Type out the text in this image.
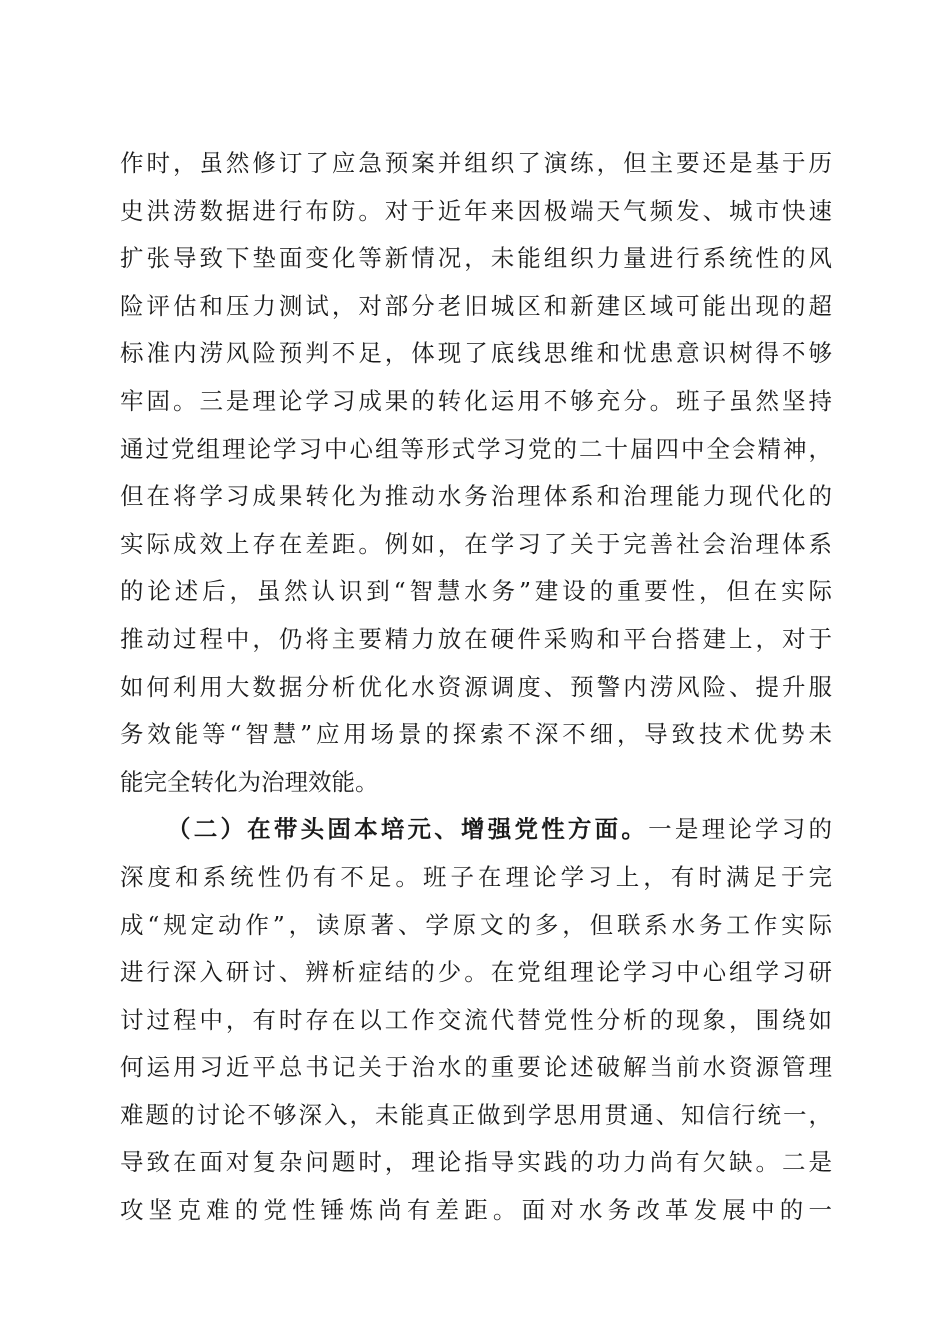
作时，虽然修订了应急预案并组织了演练，但主要还是基于历
史洪涝数据进行布防。对于近年来因极端天气频发、城市快速
扩张导致下垫面变化等新情况，未能组织力量进行系统性的风
险评估和压力测试，对部分老旧城区和新建区域可能出现的超
标准内涝风险预判不足，体现了底线思维和忧患意识树得不够
牢固。三是理论学习成果的转化运用不够充分。班子虽然坚持
通过党组理论学习中心组等形式学习党的二十届四中全会精神，
但在将学习成果转化为推动水务治理体系和治理能力现代化的
实际成效上存在差距。例如，在学习了关于完善社会治理体系
的论述后，虽然认识到“智慧水务”建设的重要性，但在实际
推动过程中，仍将主要精力放在硬件采购和平台搭建上，对于
如何利用大数据分析优化水资源调度、预警内涝风险、提升服
务效能等“智慧”应用场景的探索不深不细，导致技术优势未
能完全转化为治理效能。
（二）在带头固本培元、增强党性方面。一是理论学习的
深度和系统性仍有不足。班子在理论学习上，有时满足于完
成“规定动作”，读原著、学原文的多，但联系水务工作实际
进行深入研讨、辨析症结的少。在党组理论学习中心组学习研
讨过程中，有时存在以工作交流代替党性分析的现象，围绕如
何运用习近平总书记关于治水的重要论述破解当前水资源管理
难题的讨论不够深入，未能真正做到学思用贯通、知信行统一，
导致在面对复杂问题时，理论指导实践的功力尚有欠缺。二是
攻坚克难的党性锤炼尚有差距。面对水务改革发展中的一
